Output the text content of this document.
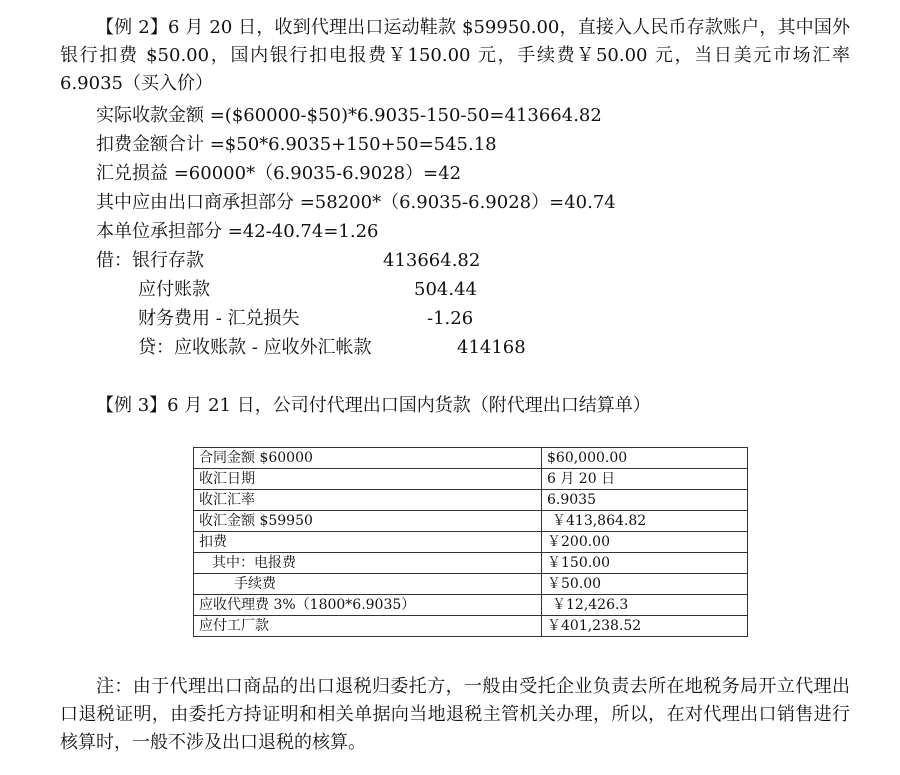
【例 2】6 月 20 日，收到代理出口运动鞋款 $59950.00，直接入人民币存款账户，其中国外银行扣费 $50.00，国内银行扣电报费￥150.00 元，手续费￥50.00 元，当日美元市场汇率 6.9035（买入价）

实际收款金额 =($60000-$50)*6.9035-150-50=413664.82

扣费金额合计 =$50*6.9035+150+50=545.18

汇兑损益 =60000*（6.9035-6.9028）=42

其中应由出口商承担部分 =58200*（6.9035-6.9028）=40.74

本单位承担部分 =42-40.74=1.26

借：银行存款	413664.82
应付账款	504.44
财务费用 - 汇兑损失	-1.26
贷：应收账款 - 应收外汇帐款	414168

【例 3】6 月 21 日，公司付代理出口国内货款（附代理出口结算单）

合同金额 $60000	$60,000.00
收汇日期	6 月 20 日
收汇汇率	6.9035
收汇金额 $59950	￥413,864.82
扣费	￥200.00
其中：电报费	￥150.00
手续费	￥50.00
应收代理费 3%（1800*6.9035）	￥12,426.3
应付工厂款	￥401,238.52

注：由于代理出口商品的出口退税归委托方，一般由受托企业负责去所在地税务局开立代理出口退税证明，由委托方持证明和相关单据向当地退税主管机关办理，所以，在对代理出口销售进行核算时，一般不涉及出口退税的核算。
